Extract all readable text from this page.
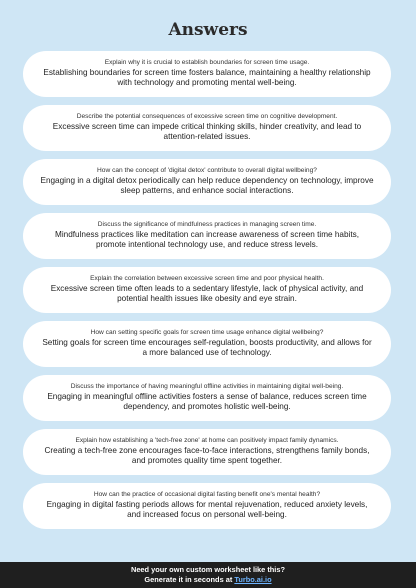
Answers
Explain why it is crucial to establish boundaries for screen time usage.
Establishing boundaries for screen time fosters balance, maintaining a healthy relationship with technology and promoting mental well-being.
Describe the potential consequences of excessive screen time on cognitive development.
Excessive screen time can impede critical thinking skills, hinder creativity, and lead to attention-related issues.
How can the concept of 'digital detox' contribute to overall digital wellbeing?
Engaging in a digital detox periodically can help reduce dependency on technology, improve sleep patterns, and enhance social interactions.
Discuss the significance of mindfulness practices in managing screen time.
Mindfulness practices like meditation can increase awareness of screen time habits, promote intentional technology use, and reduce stress levels.
Explain the correlation between excessive screen time and poor physical health.
Excessive screen time often leads to a sedentary lifestyle, lack of physical activity, and potential health issues like obesity and eye strain.
How can setting specific goals for screen time usage enhance digital wellbeing?
Setting goals for screen time encourages self-regulation, boosts productivity, and allows for a more balanced use of technology.
Discuss the importance of having meaningful offline activities in maintaining digital well-being.
Engaging in meaningful offline activities fosters a sense of balance, reduces screen time dependency, and promotes holistic well-being.
Explain how establishing a 'tech-free zone' at home can positively impact family dynamics.
Creating a tech-free zone encourages face-to-face interactions, strengthens family bonds, and promotes quality time spent together.
How can the practice of occasional digital fasting benefit one's mental health?
Engaging in digital fasting periods allows for mental rejuvenation, reduced anxiety levels, and increased focus on personal well-being.
Need your own custom worksheet like this?
Generate it in seconds at Turbo.ai.io
